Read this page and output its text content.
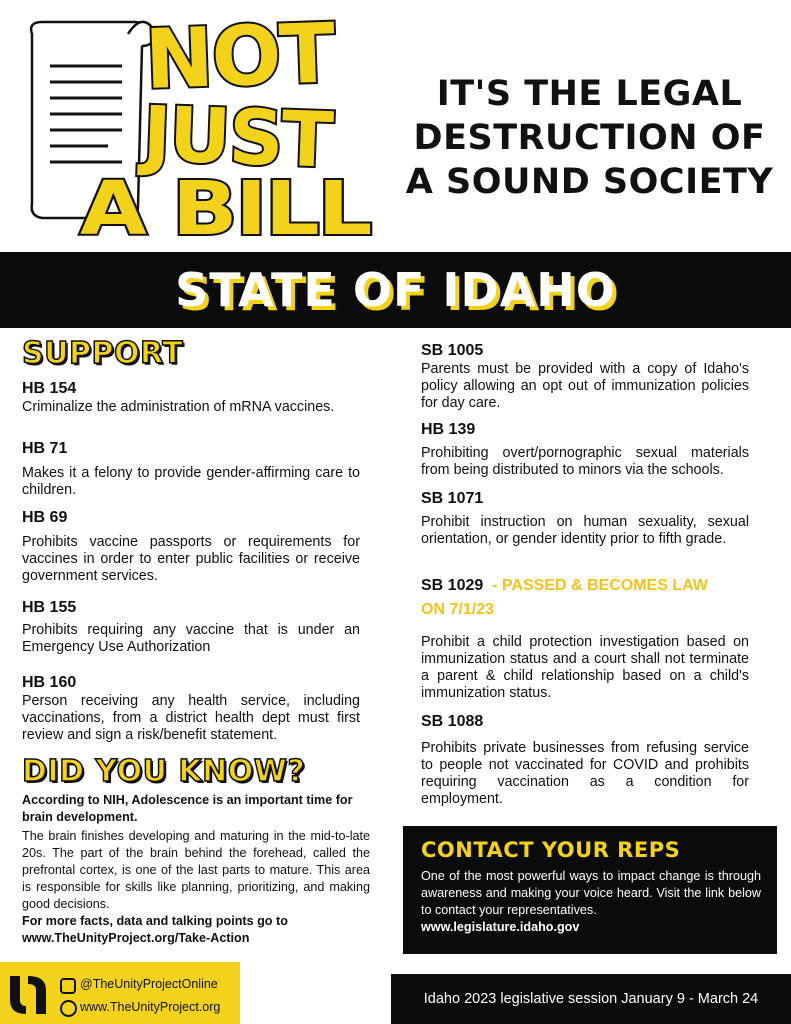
NOT
JUST
A BILL
IT'S THE LEGAL
DESTRUCTION OF
A SOUND SOCIETY
STATE OF IDAHO
SUPPORT
HB 154
Criminalize the administration of mRNA vaccines.
HB 71
Makes it a felony to provide gender-affirming care to children.
HB 69
Prohibits vaccine passports or requirements for vaccines in order to enter public facilities or receive government services.
HB 155
Prohibits requiring any vaccine that is under an Emergency Use Authorization
HB 160
Person receiving any health service, including vaccinations, from a district health dept must first review and sign a risk/benefit statement.
DID YOU KNOW?
According to NIH, Adolescence is an important time for brain development.
The brain finishes developing and maturing in the mid-to-late 20s. The part of the brain behind the forehead, called the prefrontal cortex, is one of the last parts to mature. This area is responsible for skills like planning, prioritizing, and making good decisions.
For more facts, data and talking points go to
www.TheUnityProject.org/Take-Action
SB 1005
Parents must be provided with a copy of Idaho's policy allowing an opt out of immunization policies for day care.
HB 139
Prohibiting overt/pornographic sexual materials from being distributed to minors via the schools.
SB 1071
Prohibit instruction on human sexuality, sexual orientation, or gender identity prior to fifth grade.
SB 1029 - PASSED & BECOMES LAW
ON 7/1/23
Prohibit a child protection investigation based on immunization status and a court shall not terminate a parent & child relationship based on a child's immunization status.
SB 1088
Prohibits private businesses from refusing service to people not vaccinated for COVID and prohibits requiring vaccination as a condition for employment.
CONTACT YOUR REPS
One of the most powerful ways to impact change is through awareness and making your voice heard. Visit the link below to contact your representatives.
www.legislature.idaho.gov
@TheUnityProjectOnline
www.TheUnityProject.org	Idaho 2023 legislative session January 9 - March 24
